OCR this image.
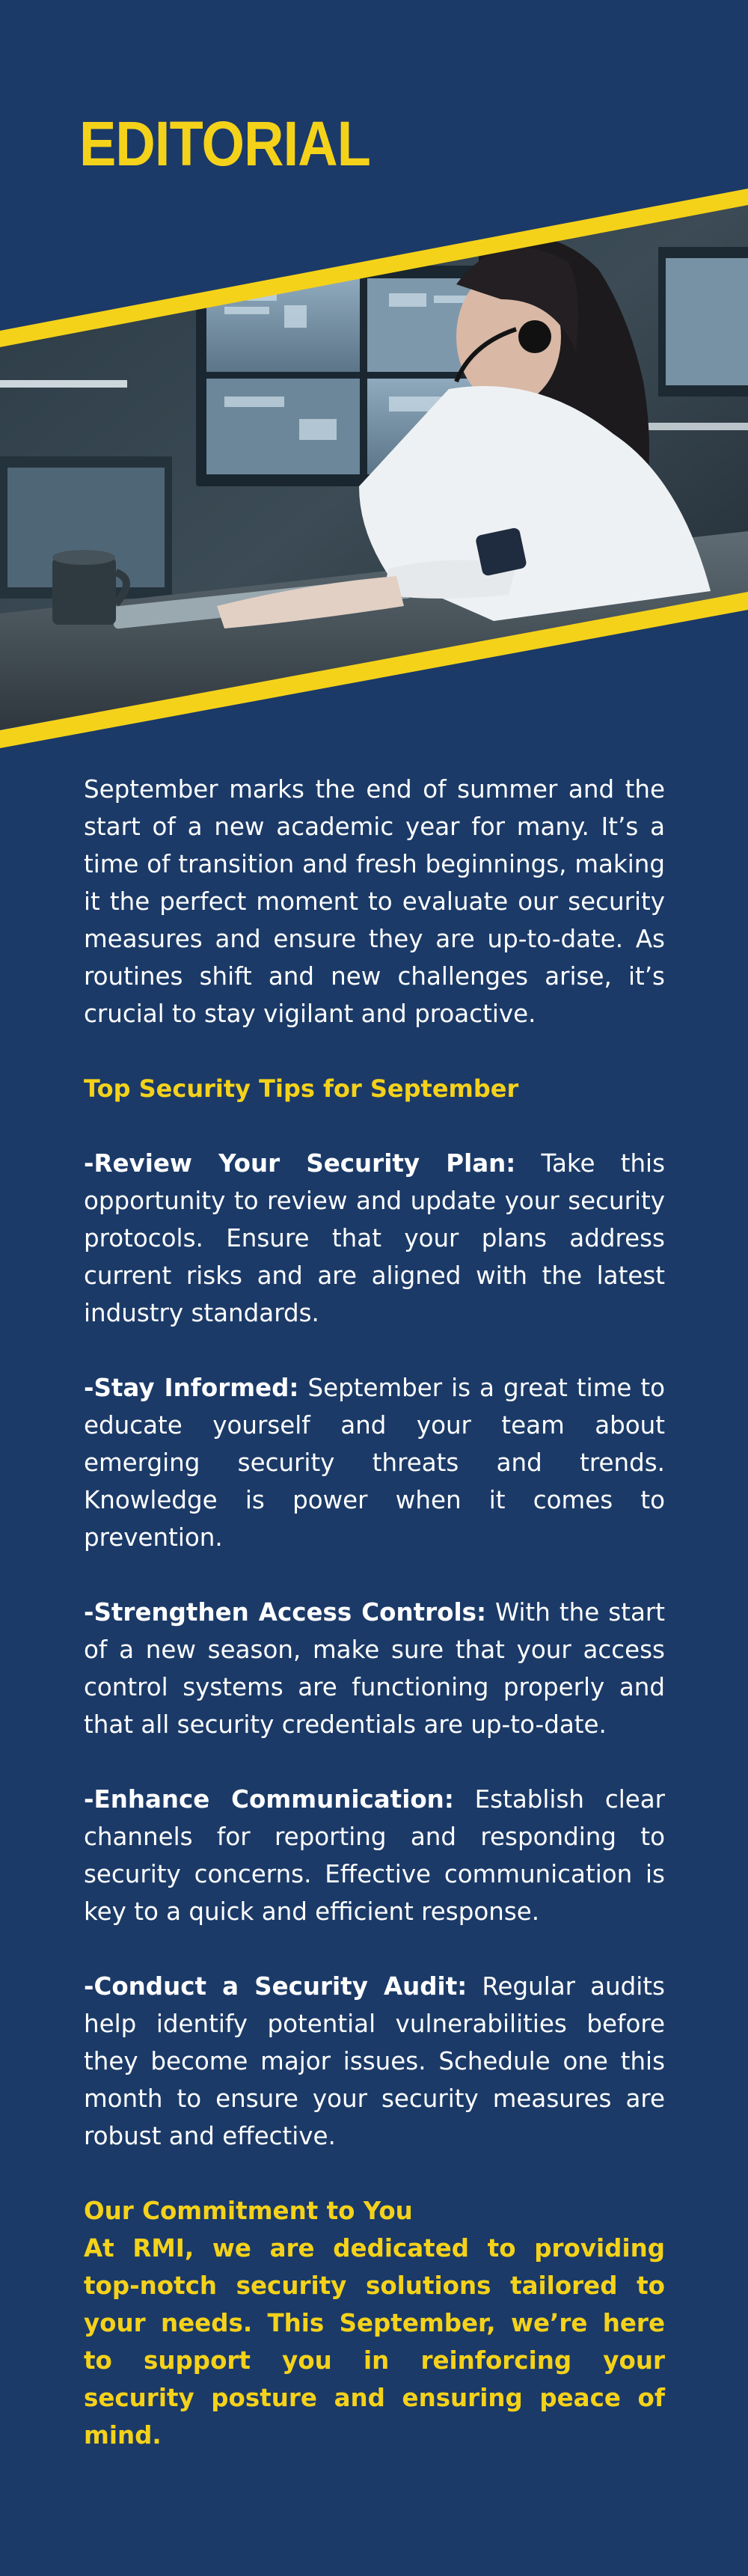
EDITORIAL

September marks the end of summer and the start of a new academic year for many. It’s a time of transition and fresh beginnings, making it the perfect moment to evaluate our security measures and ensure they are up-to-date. As routines shift and new challenges arise, it’s crucial to stay vigilant and proactive.

Top Security Tips for September

-Review Your Security Plan: Take this opportunity to review and update your security protocols. Ensure that your plans address current risks and are aligned with the latest industry standards.

-Stay Informed: September is a great time to educate yourself and your team about emerging security threats and trends. Knowledge is power when it comes to prevention.

-Strengthen Access Controls: With the start of a new season, make sure that your access control systems are functioning properly and that all security credentials are up-to-date.

-Enhance Communication: Establish clear channels for reporting and responding to security concerns. Effective communication is key to a quick and efficient response.

-Conduct a Security Audit: Regular audits help identify potential vulnerabilities before they become major issues. Schedule one this month to ensure your security measures are robust and effective.

Our Commitment to You

At RMI, we are dedicated to providing top-notch security solutions tailored to your needs. This September, we’re here to support you in reinforcing your security posture and ensuring peace of mind.
